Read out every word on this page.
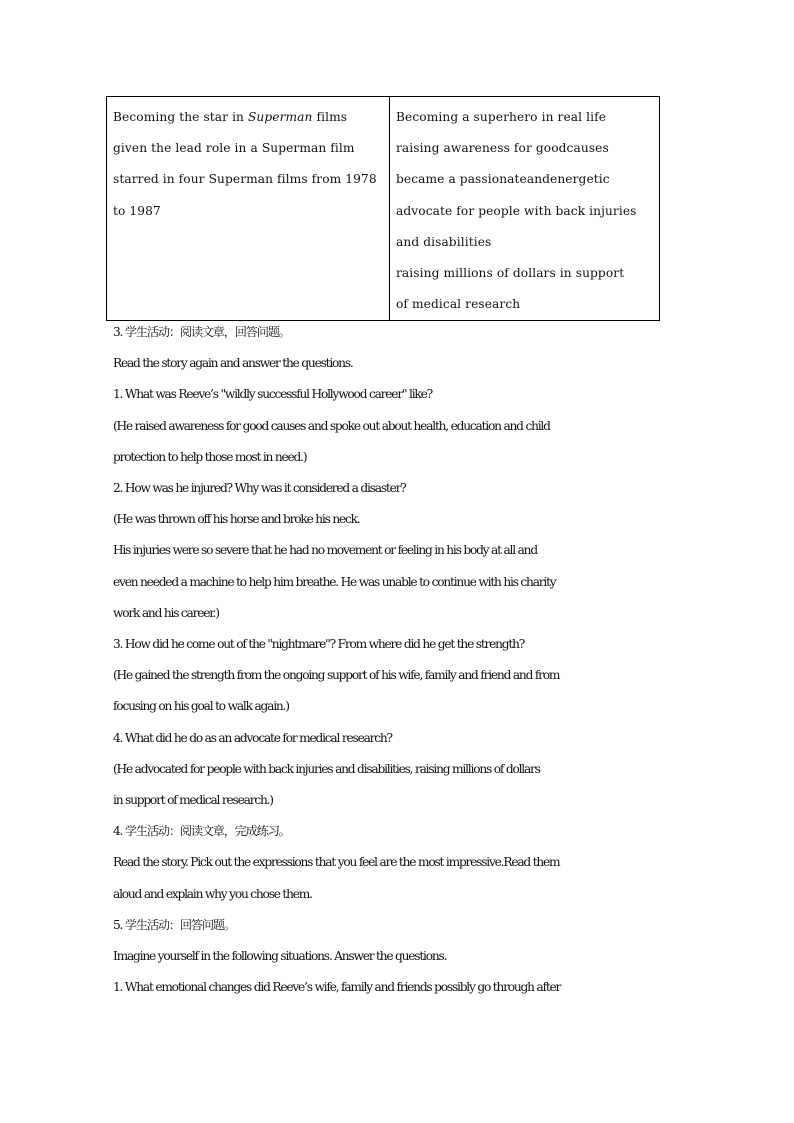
Becoming the star in Superman films
given the lead role in a Superman film
starred in four Superman films from 1978
to 1987

Becoming a superhero in real life
raising awareness for goodcauses
became a passionateandenergetic
advocate for people with back injuries
and disabilities
raising millions of dollars in support
of medical research
3. 学生活动：阅读文章，回答问题。
Read the story again and answer the questions.
1. What was Reeve’s "wildly successful Hollywood career" like?
(He raised awareness for good causes and spoke out about health, education and child
protection to help those most in need.)
2. How was he injured? Why was it considered a disaster?
(He was thrown off his horse and broke his neck.
His injuries were so severe that he had no movement or feeling in his body at all and
even needed a machine to help him breathe. He was unable to continue with his charity
work and his career.)
3. How did he come out of the "nightmare"? From where did he get the strength?
(He gained the strength from the ongoing support of his wife, family and friend and from
focusing on his goal to walk again.)
4. What did he do as an advocate for medical research?
(He advocated for people with back injuries and disabilities, raising millions of dollars
in support of medical research.)
4. 学生活动：阅读文章，完成练习。
Read the story. Pick out the expressions that you feel are the most impressive.Read them
aloud and explain why you chose them.
5. 学生活动：回答问题。
Imagine yourself in the following situations. Answer the questions.
1. What emotional changes did Reeve’s wife, family and friends possibly go through after
